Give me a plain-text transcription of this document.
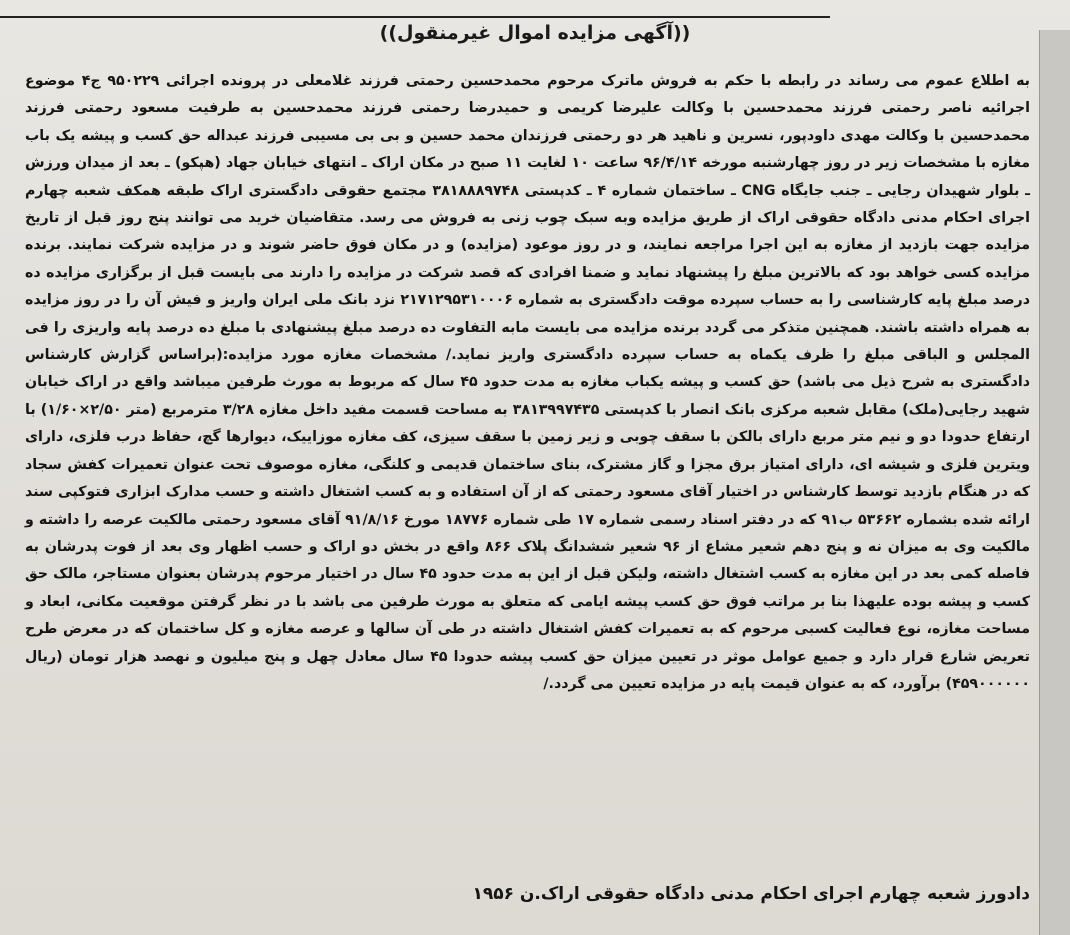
((آگهی مزایده اموال غیرمنقول))
به اطلاع عموم می رساند در رابطه با حکم به فروش ماترک مرحوم محمدحسین رحمتی فرزند غلامعلی در پرونده اجرائی ۹۵۰۲۲۹ ج۴ موضوع اجرائیه ناصر رحمتی فرزند محمدحسین با وکالت علیرضا کریمی و حمیدرضا رحمتی فرزند محمدحسین به طرفیت مسعود رحمتی فرزند محمدحسین با وکالت مهدی داودپور، نسرین و ناهید هر دو رحمتی فرزندان محمد حسین و بی بی مسیبی فرزند عبداله حق کسب و پیشه یک باب مغازه با مشخصات زیر در روز چهارشنبه مورخه ۹۶/۴/۱۴ ساعت ۱۰ لغایت ۱۱ صبح در مکان اراک ـ انتهای خیابان جهاد (هپکو) ـ بعد از میدان ورزش ـ بلوار شهیدان رجایی ـ جنب جایگاه CNG ـ ساختمان شماره ۴ ـ کدپستی ۳۸۱۸۸۸۹۷۴۸ مجتمع حقوقی دادگستری اراک طبقه همکف شعبه چهارم اجرای احکام مدنی دادگاه حقوقی اراک از طریق مزایده وبه سبک چوب زنی به فروش می رسد. متقاضیان خرید می توانند پنج روز قبل از تاریخ مزایده جهت بازدید از مغازه به این اجرا مراجعه نمایند، و در روز موعود (مزایده) و در مکان فوق حاضر شوند و در مزایده شرکت نمایند. برنده مزایده کسی خواهد بود که بالاترین مبلغ را پیشنهاد نماید و ضمنا افرادی که قصد شرکت در مزایده را دارند می بایست قبل از برگزاری مزایده ده درصد مبلغ پایه کارشناسی را به حساب سپرده موقت دادگستری به شماره ۲۱۷۱۲۹۵۳۱۰۰۰۶ نزد بانک ملی ایران واریز و فیش آن را در روز مزایده به همراه داشته باشند. همچنین متذکر می گردد برنده مزایده می بایست مابه التفاوت ده درصد مبلغ پیشنهادی با مبلغ ده درصد پایه واریزی را فی المجلس و الباقی مبلغ را ظرف یکماه به حساب سپرده دادگستری واریز نماید./ مشخصات مغازه مورد مزایده:(براساس گزارش کارشناس دادگستری به شرح ذیل می باشد) حق کسب و پیشه یکباب مغازه به مدت حدود ۴۵ سال که مربوط به مورث طرفین میباشد واقع در اراک خیابان شهید رجایی(ملک) مقابل شعبه مرکزی بانک انصار با کدپستی ۳۸۱۳۹۹۷۴۳۵ به مساحت قسمت مفید داخل مغازه ۳/۲۸ مترمربع (متر ۲/۵۰×۱/۶۰) با ارتفاع حدودا دو و نیم متر مربع دارای بالکن با سقف چوبی و زیر زمین با سقف سیزی، کف مغازه موزاییک، دیوارها گچ، حفاظ درب فلزی، دارای ویترین فلزی و شیشه ای، دارای امتیاز برق مجزا و گاز مشترک، بنای ساختمان قدیمی و کلنگی، مغازه موصوف تحت عنوان تعمیرات کفش سجاد که در هنگام بازدید توسط کارشناس در اختیار آقای مسعود رحمتی که از آن استفاده و به کسب اشتغال داشته و حسب مدارک ابزاری فتوکپی سند ارائه شده بشماره ۵۳۶۶۲ ب۹۱ که در دفتر اسناد رسمی شماره ۱۷ طی شماره ۱۸۷۷۶ مورخ ۹۱/۸/۱۶ آقای مسعود رحمتی مالکیت عرصه را داشته و مالکیت وی به میزان نه و پنج دهم شعیر مشاع از ۹۶ شعیر ششدانگ پلاک ۸۶۶ واقع در بخش دو اراک و حسب اظهار وی بعد از فوت پدرشان به فاصله کمی بعد در این مغازه به کسب اشتغال داشته، ولیکن قبل از این به مدت حدود ۴۵ سال در اختیار مرحوم پدرشان بعنوان مستاجر، مالک حق کسب و پیشه بوده علیهذا بنا بر مراتب فوق حق کسب پیشه ایامی که متعلق به مورث طرفین می باشد با در نظر گرفتن موقعیت مکانی، ابعاد و مساحت مغازه، نوع فعالیت کسبی مرحوم که به تعمیرات کفش اشتغال داشته در طی آن سالها و عرصه مغازه و کل ساختمان که در معرض طرح تعریض شارع قرار دارد و جمیع عوامل موثر در تعیین میزان حق کسب پیشه حدودا ۴۵ سال معادل چهل و پنج میلیون و نهصد هزار تومان (ریال ۴۵۹۰۰۰۰۰۰) برآورد، که به عنوان قیمت پایه در مزایده تعیین می گردد./
دادورز شعبه چهارم اجرای احکام مدنی دادگاه حقوقی اراک.ن ۱۹۵۶
